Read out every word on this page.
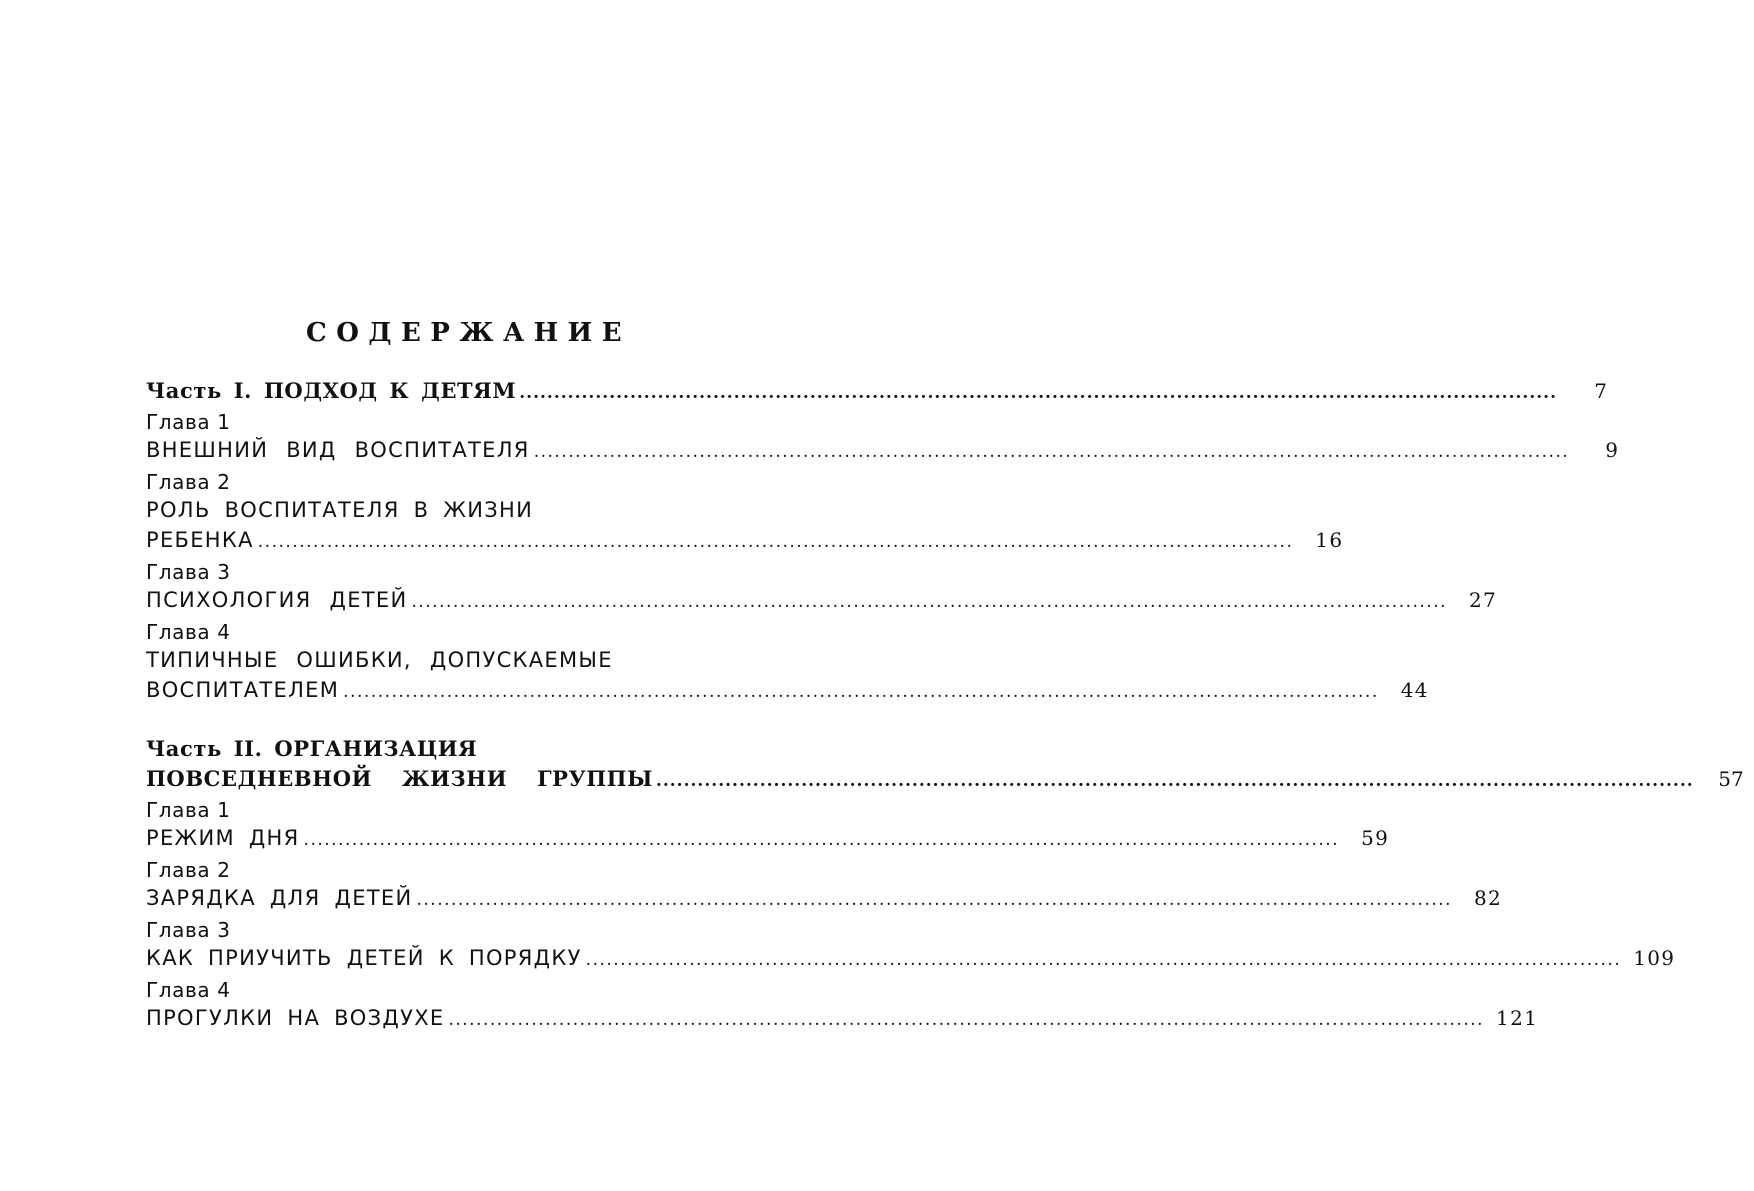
СОДЕРЖАНИЕ
Часть I. ПОДХОД К ДЕТЯМ .....	7
Глава 1
ВНЕШНИЙ ВИД ВОСПИТАТЕЛЯ .....	9
Глава 2
РОЛЬ ВОСПИТАТЕЛЯ В ЖИЗНИ
РЕБЕНКА .....	16
Глава 3
ПСИХОЛОГИЯ ДЕТЕЙ .....	27
Глава 4
ТИПИЧНЫЕ ОШИБКИ, ДОПУСКАЕМЫЕ
ВОСПИТАТЕЛЕМ .....	44
Часть II. ОРГАНИЗАЦИЯ
ПОВСЕДНЕВНОЙ ЖИЗНИ ГРУППЫ .....	57
Глава 1
РЕЖИМ ДНЯ .....	59
Глава 2
ЗАРЯДКА ДЛЯ ДЕТЕЙ .....	82
Глава 3
КАК ПРИУЧИТЬ ДЕТЕЙ К ПОРЯДКУ .....	109
Глава 4
ПРОГУЛКИ НА ВОЗДУХЕ .....	121
